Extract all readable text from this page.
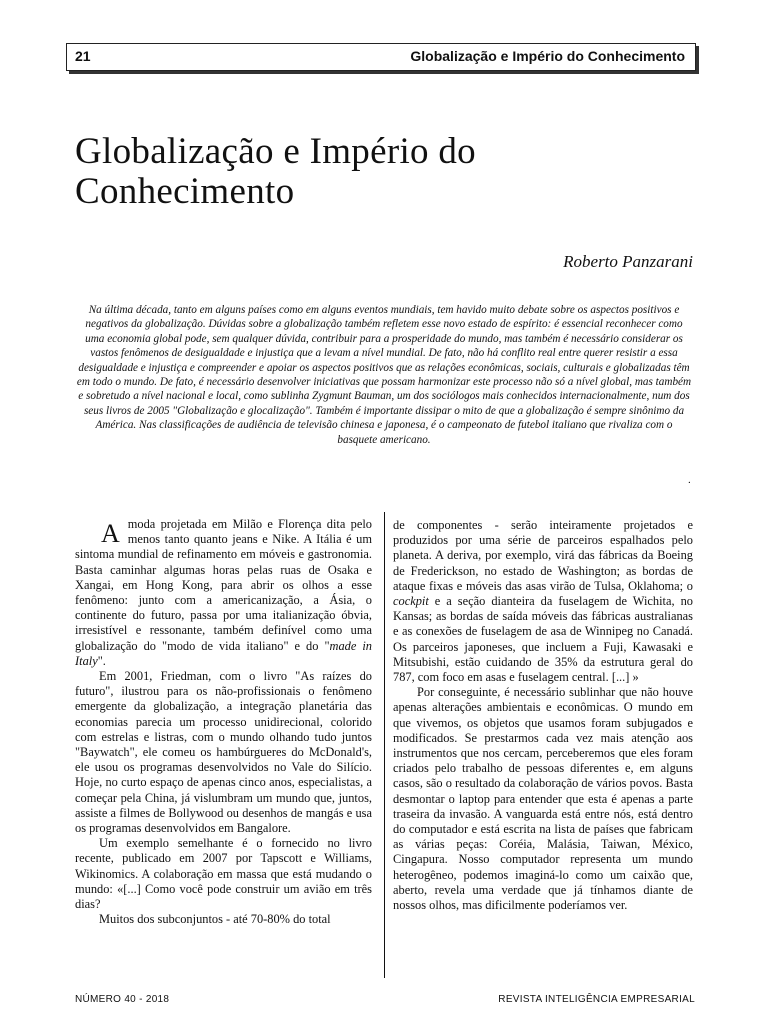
21	Globalização e Império do Conhecimento
Globalização e Império do
Conhecimento
Roberto Panzarani

Na última década, tanto em alguns países como em alguns eventos mundiais, tem havido muito debate sobre os aspectos positivos e negativos da globalização. Dúvidas sobre a globalização também refletem esse novo estado de espírito: é essencial reconhecer como uma economia global pode, sem qualquer dúvida, contribuir para a prosperidade do mundo, mas também é necessário considerar os vastos fenômenos de desigualdade e injustiça que a levam a nível mundial. De fato, não há conflito real entre querer resistir a essa desigualdade e injustiça e compreender e apoiar os aspectos positivos que as relações econômicas, sociais, culturais e globalizadas têm em todo o mundo. De fato, é necessário desenvolver iniciativas que possam harmonizar este processo não só a nível global, mas também e sobretudo a nível nacional e local, como sublinha Zygmunt Bauman, um dos sociólogos mais conhecidos internacionalmente, num dos seus livros de 2005 "Globalização e glocalização". Também é importante dissipar o mito de que a globalização é sempre sinônimo da América. Nas classificações de audiência de televisão chinesa e japonesa, é o campeonato de futebol italiano que rivaliza com o basquete americano.

.

Amoda projetada em Milão e Florença dita pelo menos tanto quanto jeans e Nike. A Itália é um sintoma mundial de refinamento em móveis e gastronomia. Basta caminhar algumas horas pelas ruas de Osaka e Xangai, em Hong Kong, para abrir os olhos a esse fenômeno: junto com a americanização, a Ásia, o continente do futuro, passa por uma italianização óbvia, irresistível e ressonante, também definível como uma globalização do "modo de vida italiano" e do "made in Italy".

Em 2001, Friedman, com o livro "As raízes do futuro", ilustrou para os não-profissionais o fenômeno emergente da globalização, a integração planetária das economias parecia um processo unidirecional, colorido com estrelas e listras, com o mundo olhando tudo juntos "Baywatch", ele comeu os hambúrgueres do McDonald's, ele usou os programas desenvolvidos no Vale do Silício. Hoje, no curto espaço de apenas cinco anos, especialistas, a começar pela China, já vislumbram um mundo que, juntos, assiste a filmes de Bollywood ou desenhos de mangás e usa os programas desenvolvidos em Bangalore.

Um exemplo semelhante é o fornecido no livro recente, publicado em 2007 por Tapscott e Williams, Wikinomics. A colaboração em massa que está mudando o mundo: «[...] Como você pode construir um avião em três dias?

Muitos dos subconjuntos - até 70-80% do total

de componentes - serão inteiramente projetados e produzidos por uma série de parceiros espalhados pelo planeta. A deriva, por exemplo, virá das fábricas da Boeing de Frederickson, no estado de Washington; as bordas de ataque fixas e móveis das asas virão de Tulsa, Oklahoma; o cockpit e a seção dianteira da fuselagem de Wichita, no Kansas; as bordas de saída móveis das fábricas australianas e as conexões de fuselagem de asa de Winnipeg no Canadá. Os parceiros japoneses, que incluem a Fuji, Kawasaki e Mitsubishi, estão cuidando de 35% da estrutura geral do 787, com foco em asas e fuselagem central. [...] »

Por conseguinte, é necessário sublinhar que não houve apenas alterações ambientais e econômicas. O mundo em que vivemos, os objetos que usamos foram subjugados e modificados. Se prestarmos cada vez mais atenção aos instrumentos que nos cercam, perceberemos que eles foram criados pelo trabalho de pessoas diferentes e, em alguns casos, são o resultado da colaboração de vários povos. Basta desmontar o laptop para entender que esta é apenas a parte traseira da invasão. A vanguarda está entre nós, está dentro do computador e está escrita na lista de países que fabricam as várias peças: Coréia, Malásia, Taiwan, México, Cingapura. Nosso computador representa um mundo heterogêneo, podemos imaginá-lo como um caixão que, aberto, revela uma verdade que já tínhamos diante de nossos olhos, mas dificilmente poderíamos ver.

NÚMERO 40 - 2018	REVISTA INTELIGÊNCIA EMPRESARIAL
